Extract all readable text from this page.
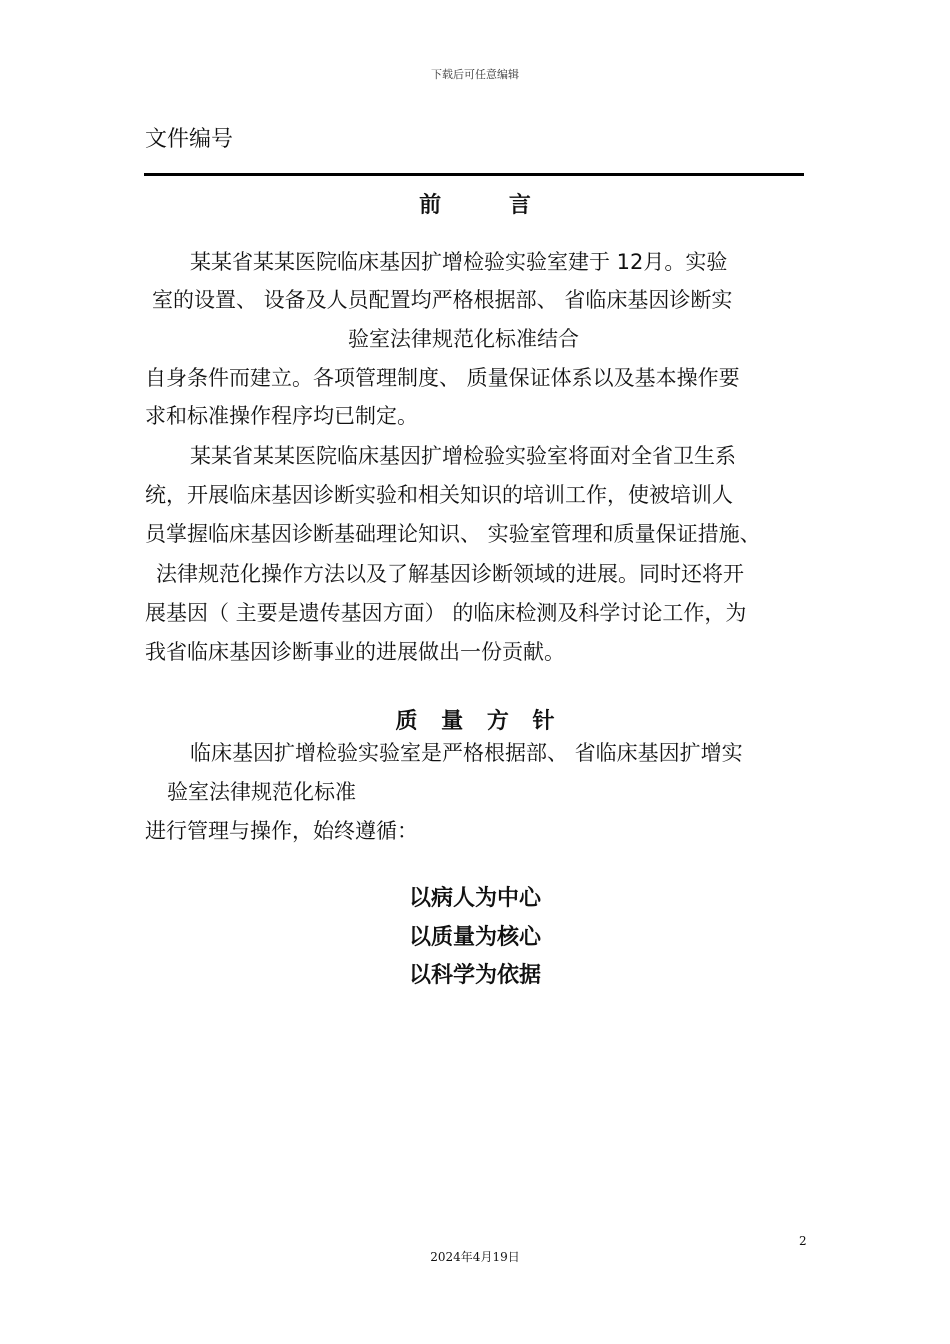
下载后可任意编辑
文件编号
前 言
某某省某某医院临床基因扩增检验实验室建于 12月。实验
室的设置、 设备及人员配置均严格根据部、 省临床基因诊断实
验室法律规范化标准结合
自身条件而建立。各项管理制度、 质量保证体系以及基本操作要
求和标准操作程序均已制定。
某某省某某医院临床基因扩增检验实验室将面对全省卫生系
统，开展临床基因诊断实验和相关知识的培训工作，使被培训人
员掌握临床基因诊断基础理论知识、 实验室管理和质量保证措施、
法律规范化操作方法以及了解基因诊断领域的进展。同时还将开
展基因（ 主要是遗传基因方面） 的临床检测及科学讨论工作，为
我省临床基因诊断事业的进展做出一份贡献。
质 量 方 针
临床基因扩增检验实验室是严格根据部、 省临床基因扩增实
验室法律规范化标准
进行管理与操作，始终遵循：
以病人为中心
以质量为核心
以科学为依据
2
2024年4月19日
